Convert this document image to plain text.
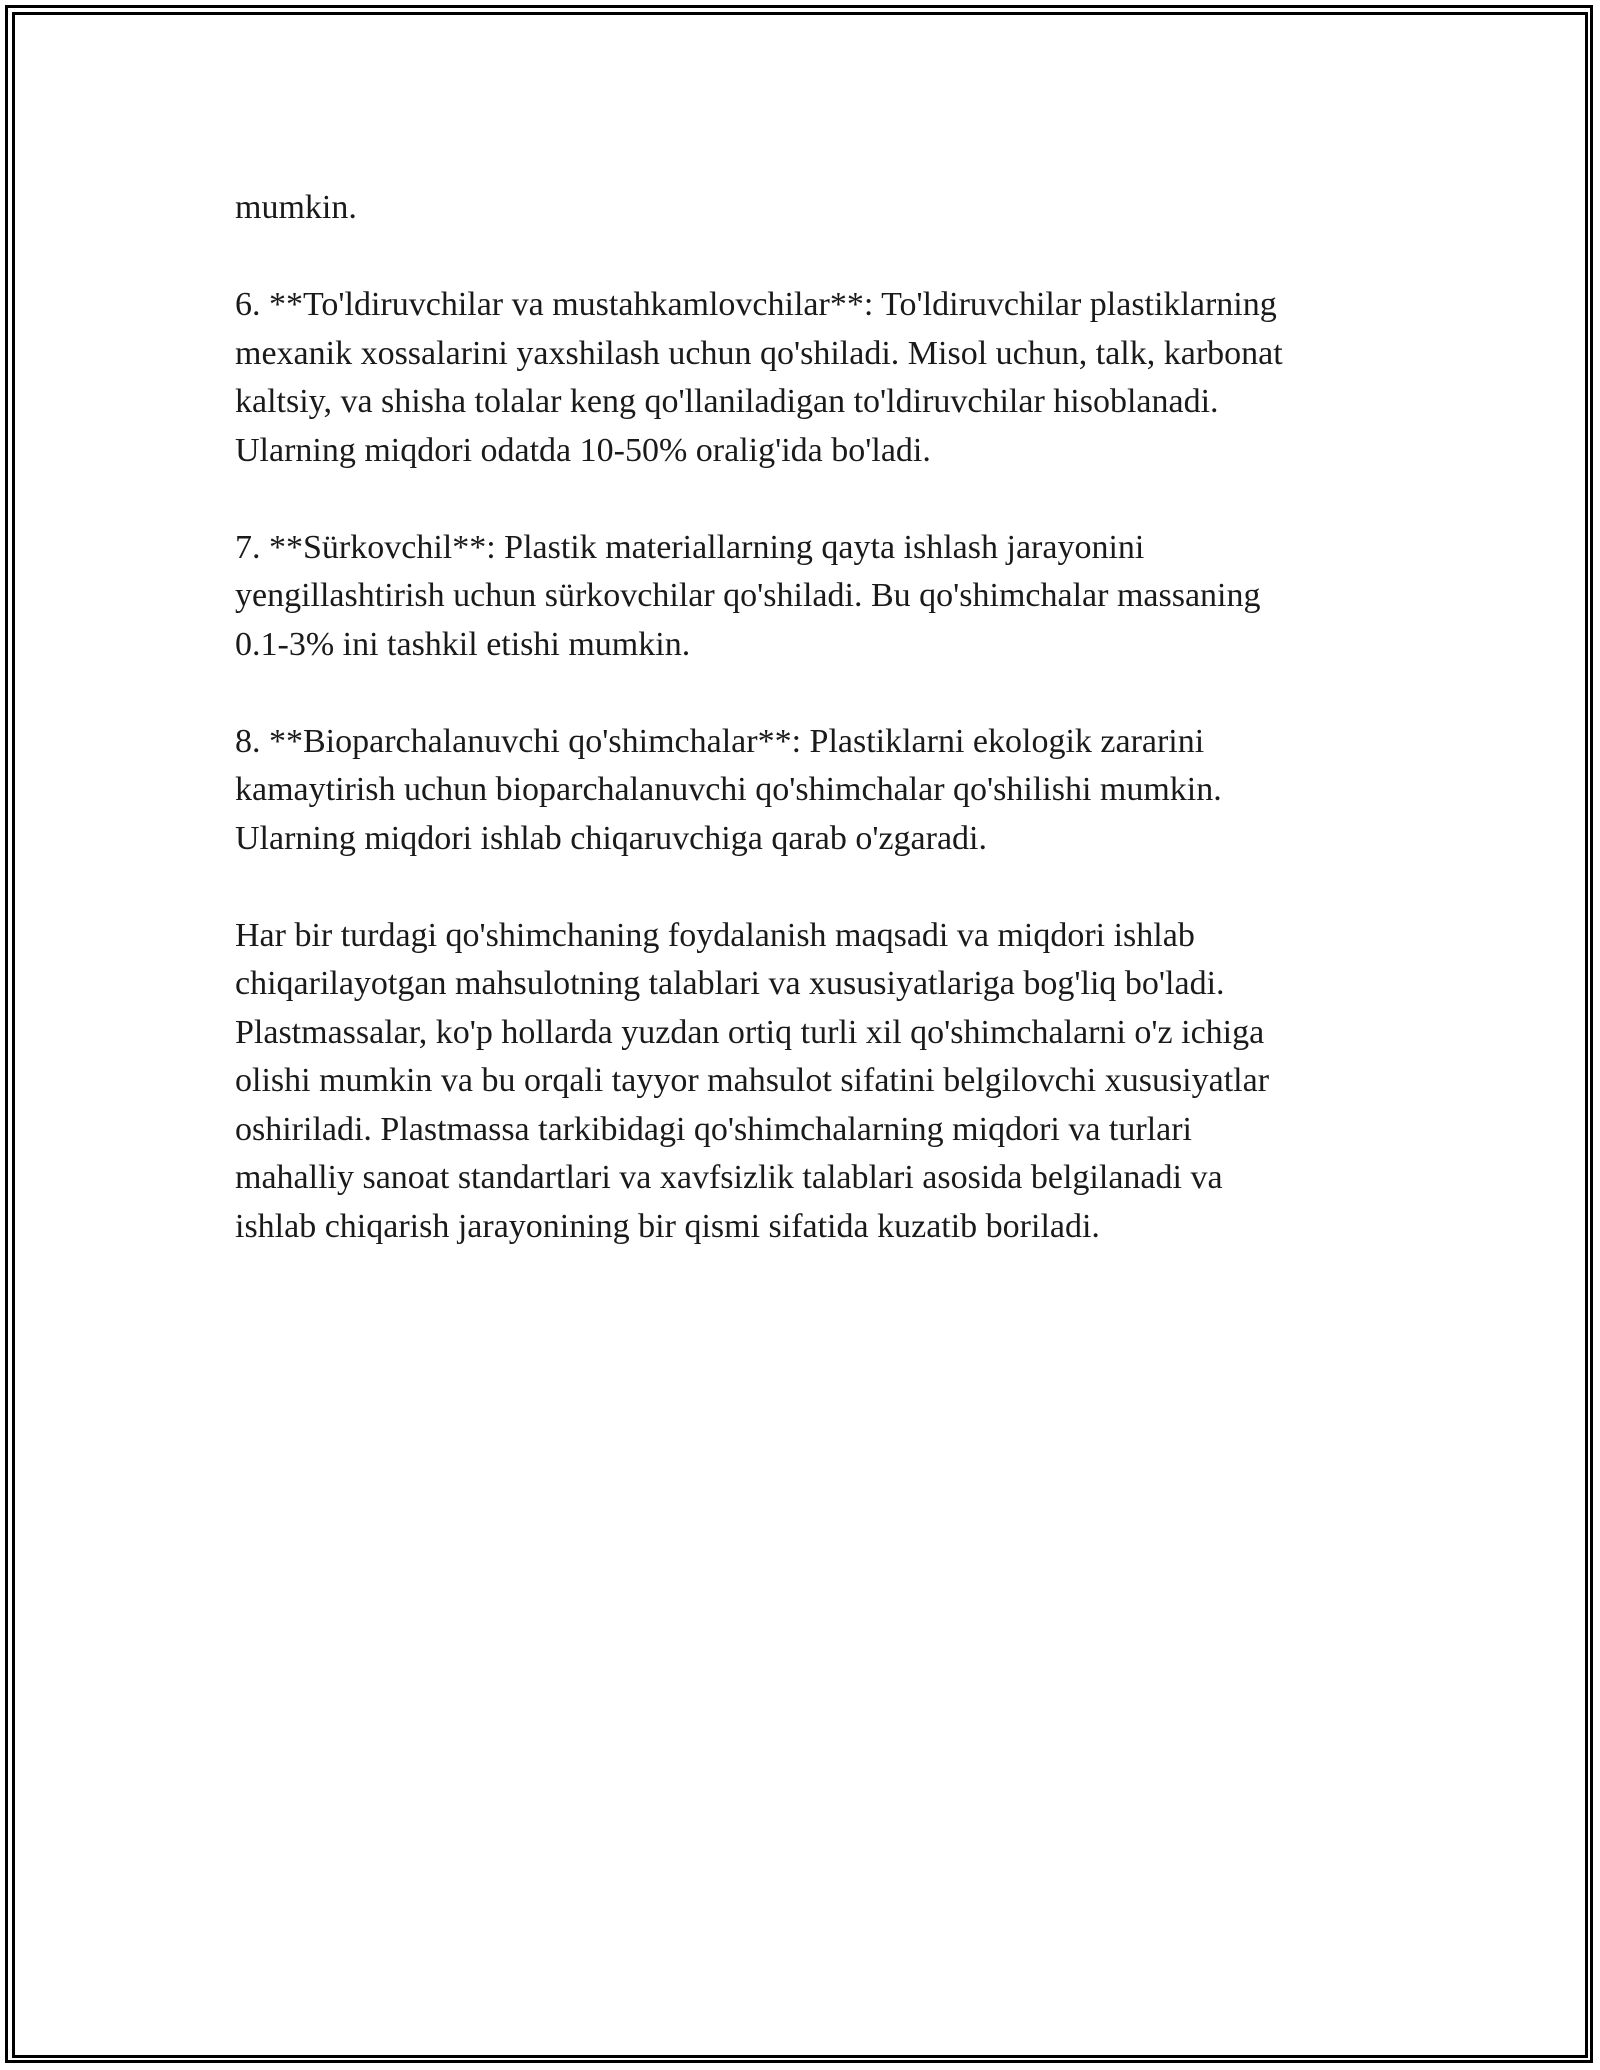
mumkin.

6. **To'ldiruvchilar va mustahkamlovchilar**: To'ldiruvchilar plastiklarning
mexanik xossalarini yaxshilash uchun qo'shiladi. Misol uchun, talk, karbonat
kaltsiy, va shisha tolalar keng qo'llaniladigan to'ldiruvchilar hisoblanadi.
Ularning miqdori odatda 10-50% oralig'ida bo'ladi.

7. **Sürkovchil**: Plastik materiallarning qayta ishlash jarayonini
yengillashtirish uchun sürkovchilar qo'shiladi. Bu qo'shimchalar massaning
0.1-3% ini tashkil etishi mumkin.

8. **Bioparchalanuvchi qo'shimchalar**: Plastiklarni ekologik zararini
kamaytirish uchun bioparchalanuvchi qo'shimchalar qo'shilishi mumkin.
Ularning miqdori ishlab chiqaruvchiga qarab o'zgaradi.

Har bir turdagi qo'shimchaning foydalanish maqsadi va miqdori ishlab
chiqarilayotgan mahsulotning talablari va xususiyatlariga bog'liq bo'ladi.
Plastmassalar, ko'p hollarda yuzdan ortiq turli xil qo'shimchalarni o'z ichiga
olishi mumkin va bu orqali tayyor mahsulot sifatini belgilovchi xususiyatlar
oshiriladi. Plastmassa tarkibidagi qo'shimchalarning miqdori va turlari
mahalliy sanoat standartlari va xavfsizlik talablari asosida belgilanadi va
ishlab chiqarish jarayonining bir qismi sifatida kuzatib boriladi.
